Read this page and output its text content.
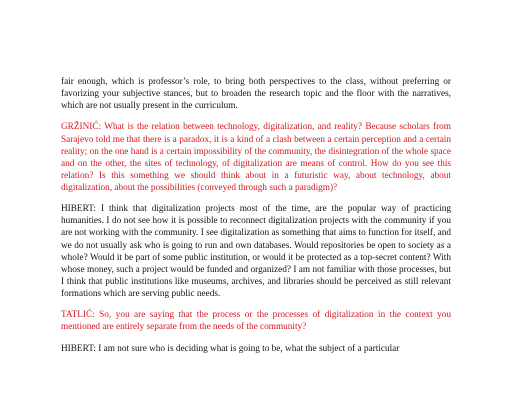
fair enough, which is professor’s role, to bring both perspectives to the class, without preferring or favorizing your subjective stances, but to broaden the research topic and the floor with the narratives, which are not usually present in the curriculum.

GRŽINIĆ: What is the relation between technology, digitalization, and reality? Because scholars from Sarajevo told me that there is a paradox, it is a kind of a clash between a certain perception and a certain reality; on the one hand is a certain impossibility of the community, the disintegration of the whole space and on the other, the sites of technology, of digitalization are means of control. How do you see this relation? Is this something we should think about in a futuristic way, about technology, about digitalization, about the possibilities (conveyed through such a paradigm)?

HIBERT: I think that digitalization projects most of the time, are the popular way of practicing humanities. I do not see how it is possible to reconnect digitalization projects with the community if you are not working with the community. I see digitalization as something that aims to function for itself, and we do not usually ask who is going to run and own databases. Would repositories be open to society as a whole? Would it be part of some public institution, or would it be protected as a top-secret content? With whose money, such a project would be funded and organized? I am not familiar with those processes, but I think that public institutions like museums, archives, and libraries should be perceived as still relevant formations which are serving public needs.

TATLIĆ: So, you are saying that the process or the processes of digitalization in the context you mentioned are entirely separate from the needs of the community?

HIBERT: I am not sure who is deciding what is going to be, what the subject of a particular
